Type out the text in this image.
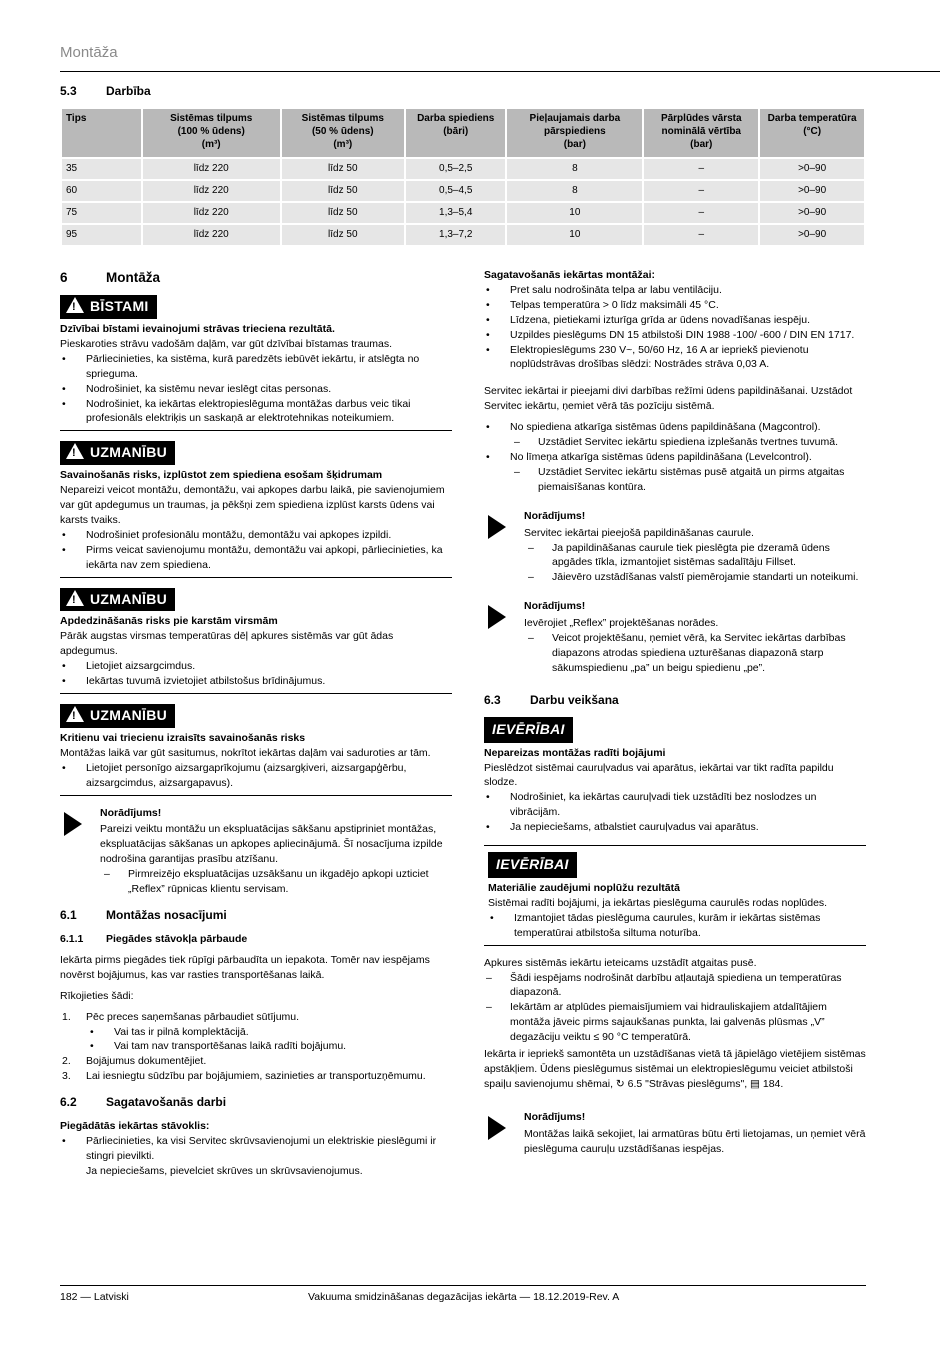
Montāža
5.3 Darbība
Tips	Sistēmas tilpums
(100 % ūdens)
(m³)	Sistēmas tilpums
(50 % ūdens)
(m³)	Darba spiediens
(bāri)	Pieļaujamais darba
pārspiediens
(bar)	Pārplūdes vārsta
nominālā vērtība
(bar)	Darba temperatūra
(°C)
35	līdz 220	līdz 50	0,5–2,5	8	–	>0–90
60	līdz 220	līdz 50	0,5–4,5	8	–	>0–90
75	līdz 220	līdz 50	1,3–5,4	10	–	>0–90
95	līdz 220	līdz 50	1,3–7,2	10	–	>0–90
6	Montāža
!BĪSTAMI
Dzīvībai bīstami ievainojumi strāvas trieciena rezultātā.
Pieskaroties strāvu vadošām daļām, var gūt dzīvībai bīstamas traumas.
• Pārliecinieties, ka sistēma, kurā paredzēts iebūvēt iekārtu, ir atslēgta no sprieguma.
• Nodrošiniet, ka sistēmu nevar ieslēgt citas personas.
• Nodrošiniet, ka iekārtas elektropieslēguma montāžas darbus veic tikai profesionāls elektriķis un saskaņā ar elektrotehnikas noteikumiem.
!UZMANĪBU
Savainošanās risks, izplūstot zem spiediena esošam šķidrumam
Nepareizi veicot montāžu, demontāžu, vai apkopes darbu laikā, pie savienojumiem var gūt apdegumus un traumas, ja pēkšņi zem spiediena izplūst karsts ūdens vai karsts tvaiks.
• Nodrošiniet profesionālu montāžu, demontāžu vai apkopes izpildi.
• Pirms veicat savienojumu montāžu, demontāžu vai apkopi, pārliecinieties, ka iekārta nav zem spiediena.
!UZMANĪBU
Apdedzināšanās risks pie karstām virsmām
Pārāk augstas virsmas temperatūras dēļ apkures sistēmās var gūt ādas apdegumus.
• Lietojiet aizsargcimdus.
• Iekārtas tuvumā izvietojiet atbilstošus brīdinājumus.
!UZMANĪBU
Kritienu vai triecienu izraisīts savainošanās risks
Montāžas laikā var gūt sasitumus, nokrītot iekārtas daļām vai saduroties ar tām.
• Lietojiet personīgo aizsargaprīkojumu (aizsargķiveri, aizsargapģērbu, aizsargcimdus, aizsargapavus).
Norādījums!
Pareizi veiktu montāžu un ekspluatācijas sākšanu apstipriniet montāžas, ekspluatācijas sākšanas un apkopes apliecinājumā. Šī nosacījuma izpilde nodrošina garantijas prasību atzīšanu.
– Pirmreizējo ekspluatācijas uzsākšanu un ikgadējo apkopi uzticiet „Reflex” rūpnicas klientu servisam.
6.1 Montāžas nosacījumi
6.1.1 Piegādes stāvokļa pārbaude

Iekārta pirms piegādes tiek rūpīgi pārbaudīta un iepakota. Tomēr nav iespējams novērst bojājumus, kas var rasties transportēšanas laikā.

Rīkojieties šādi:

1. Pēc preces saņemšanas pārbaudiet sūtījumu.
• Vai tas ir pilnā komplektācijā.
• Vai tam nav transportēšanas laikā radīti bojājumu.
2. Bojājumus dokumentējiet.
3. Lai iesniegtu sūdzību par bojājumiem, sazinieties ar transportuzņēmumu.
6.2 Sagatavošanās darbi
Piegādātās iekārtas stāvoklis:
• Pārliecinieties, ka visi Servitec skrūvsavienojumi un elektriskie pieslēgumi ir stingri pievilkti.
Ja nepieciešams, pievelciet skrūves un skrūvsavienojumus.
Sagatavošanās iekārtas montāžai:
• Pret salu nodrošināta telpa ar labu ventilāciju.
• Telpas temperatūra > 0 līdz maksimāli 45 °C.
• Līdzena, pietiekami izturīga grīda ar ūdens novadīšanas iespēju.
• Uzpildes pieslēgums DN 15 atbilstoši DIN 1988 -100/ -600 / DIN EN 1717.
• Elektropieslēgums 230 V~, 50/60 Hz, 16 A ar iepriekš pievienotu noplūdstrāvas drošības slēdzi: Nostrādes strāva 0,03 A.

Servitec iekārtai ir pieejami divi darbības režīmi ūdens papildināšanai. Uzstādot Servitec iekārtu, ņemiet vērā tās pozīciju sistēmā.

• No spiediena atkarīga sistēmas ūdens papildināšana (Magcontrol).
– Uzstādiet Servitec iekārtu spiediena izplešanās tvertnes tuvumā.
• No līmeņa atkarīga sistēmas ūdens papildināšana (Levelcontrol).
– Uzstādiet Servitec iekārtu sistēmas pusē atgaitā un pirms atgaitas piemaisīšanas kontūra.
Norādījums!
Servitec iekārtai pieejošā papildināšanas caurule.
– Ja papildināšanas caurule tiek pieslēgta pie dzeramā ūdens apgādes tīkla, izmantojiet sistēmas sadalītāju Fillset.
– Jāievēro uzstādīšanas valstī piemērojamie standarti un noteikumi.
Norādījums!
Ievērojiet „Reflex” projektēšanas norādes.
– Veicot projektēšanu, ņemiet vērā, ka Servitec iekārtas darbības diapazons atrodas spiediena uzturēšanas diapazonā starp sākumspiedienu „pa” un beigu spiedienu „pe”.
6.3 Darbu veikšana
IEVĒRĪBAI
Nepareizas montāžas radīti bojājumi
Pieslēdzot sistēmai cauruļvadus vai aparātus, iekārtai var tikt radīta papildu slodze.
• Nodrošiniet, ka iekārtas cauruļvadi tiek uzstādīti bez noslodzes un vibrācijām.
• Ja nepieciešams, atbalstiet cauruļvadus vai aparātus.
IEVĒRĪBAI
Materiālie zaudējumi noplūžu rezultātā
Sistēmai radīti bojājumi, ja iekārtas pieslēguma caurulēs rodas noplūdes.
• Izmantojiet tādas pieslēguma caurules, kurām ir iekārtas sistēmas temperatūrai atbilstoša siltuma noturība.
Apkures sistēmās iekārtu ieteicams uzstādīt atgaitas pusē.
– Šādi iespējams nodrošināt darbību atļautajā spiediena un temperatūras diapazonā.
– Iekārtām ar atplūdes piemaisījumiem vai hidrauliskajiem atdalītājiem montāža jāveic pirms sajaukšanas punkta, lai galvenās plūsmas „V” degazāciju veiktu ≤ 90 °C temperatūrā.

Iekārta ir iepriekš samontēta un uzstādīšanas vietā tā jāpielāgo vietējiem sistēmas apstākļiem. Ūdens pieslēgumus sistēmai un elektropieslēgumu veiciet atbilstoši spaiļu savienojumu shēmai, ↻ 6.5 "Strāvas pieslēgums", ▤ 184.

Norādījums!
Montāžas laikā sekojiet, lai armatūras būtu ērti lietojamas, un ņemiet vērā pieslēguma cauruļu uzstādīšanas iespējas.
182 — Latviski	Vakuuma smidzināšanas degazācijas iekārta — 18.12.2019-Rev. A
